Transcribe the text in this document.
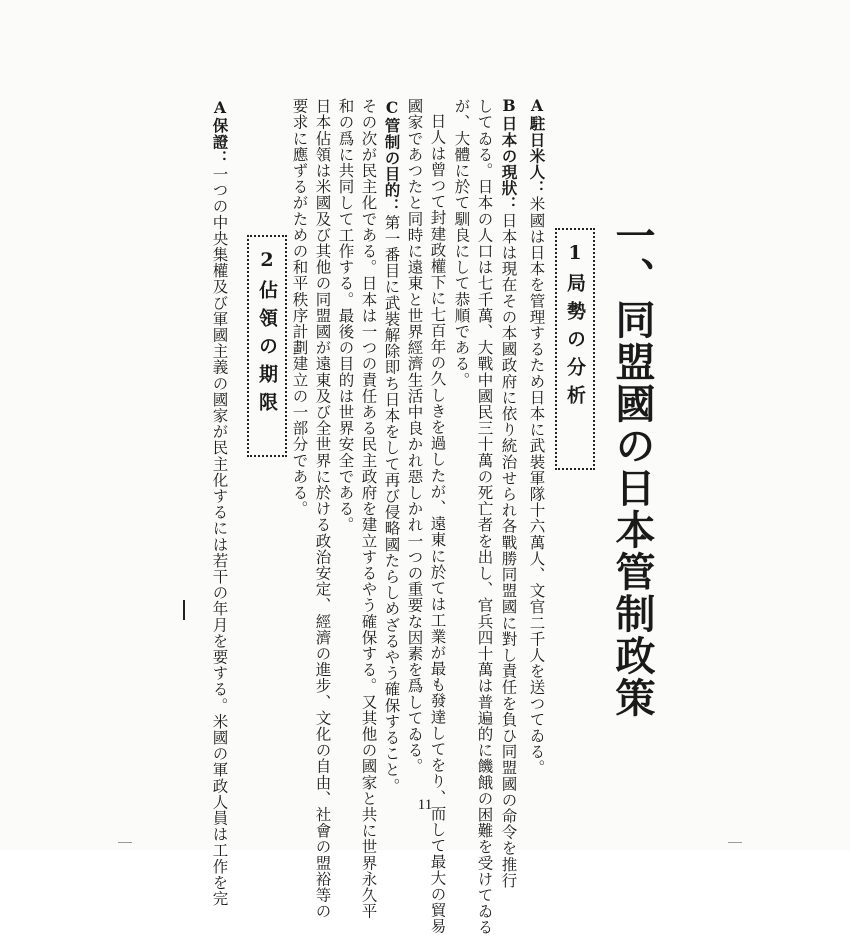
一、同盟國の日本管制政策
1局勢の分析
A駐日米人：米國は日本を管理するため日本に武裝軍隊十六萬人、文官二千人を送つてゐる。
B日本の現狀：日本は現在その本國政府に依り統治せられ各戰勝同盟國に對し責任を負ひ同盟國の命令を推行
してゐる。日本の人口は七千萬、大戰中國民三十萬の死亡者を出し、官兵四十萬は普遍的に饑餓の困難を受けてゐる
が、大體に於て馴良にして恭順である。
日人は曾つて封建政權下に七百年の久しきを過したが、遠東に於ては工業が最も發達してをり、而して最大の貿易
國家であつたと同時に遠東と世界經濟生活中良かれ惡しかれ一つの重要な因素を爲してゐる。
C管制の目的：第一番目に武裝解除即ち日本をして再び侵略國たらしめざるやう確保すること。
その次が民主化である。日本は一つの責任ある民主政府を建立するやう確保する。又其他の國家と共に世界永久平
和の爲に共同して工作する。最後の目的は世界安全である。
日本佔領は米國及び其他の同盟國が遠東及び全世界に於ける政治安定、經濟の進步、文化の自由、社會の盟裕等の
要求に應ずるがための和平秩序計劃建立の一部分である。
2佔領の期限
A保證：一つの中央集權及び軍國主義の國家が民主化するには若干の年月を要する。米國の軍政人員は工作を完	11
